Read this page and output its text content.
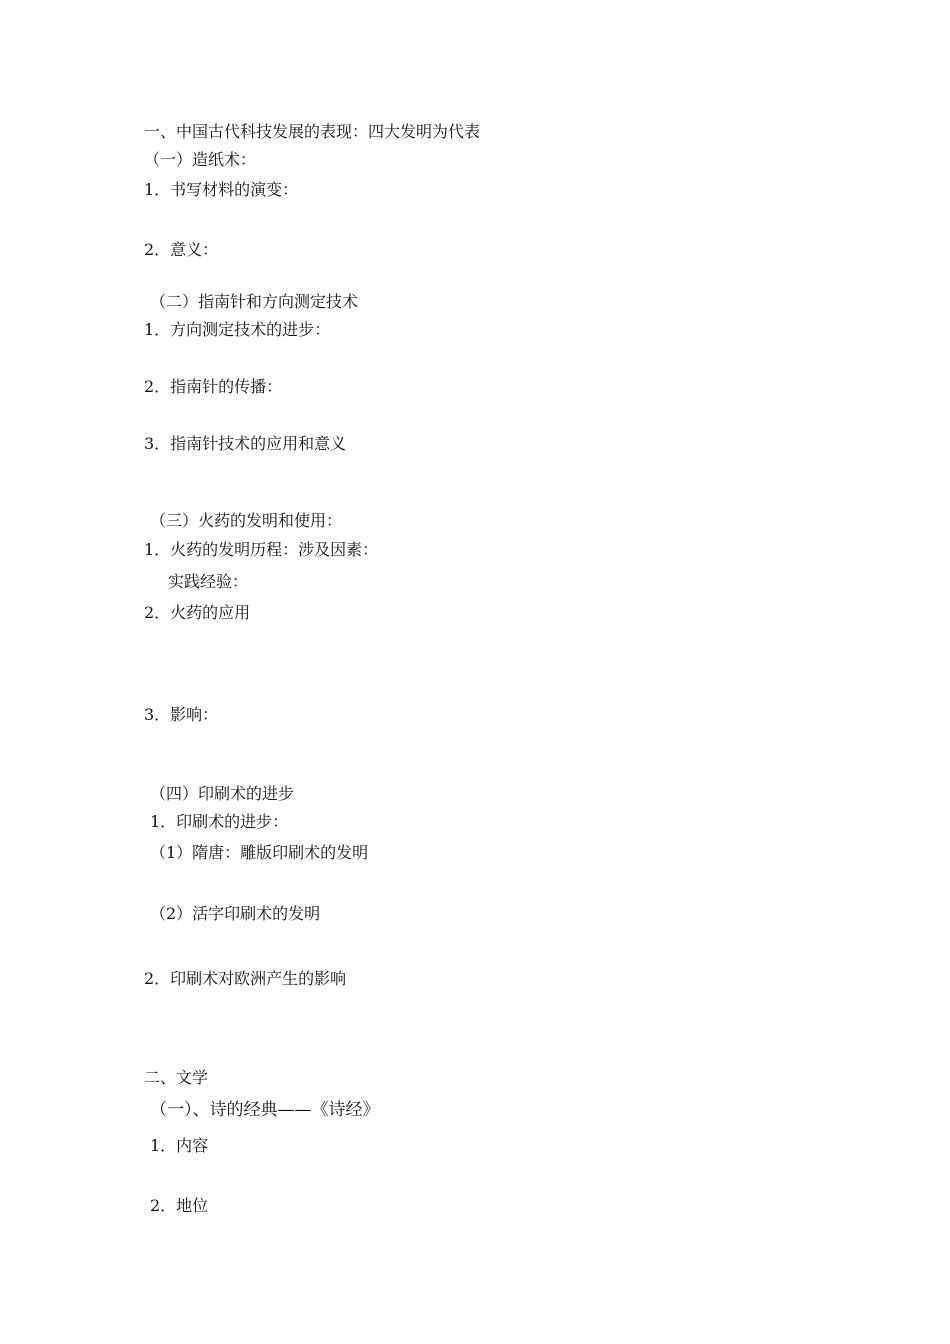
一、中国古代科技发展的表现：四大发明为代表
（一）造纸术：
1．书写材料的演变：
2．意义：
（二）指南针和方向测定技术
1．方向测定技术的进步：
2．指南针的传播：
3．指南针技术的应用和意义
（三）火药的发明和使用：
1．火药的发明历程：涉及因素：
实践经验：
2．火药的应用
3．影响：
（四）印刷术的进步
1．印刷术的进步：
（1）隋唐：雕版印刷术的发明
（2）活字印刷术的发明
2．印刷术对欧洲产生的影响
二、文学
（一）、诗的经典——《诗经》
1．内容
2．地位
